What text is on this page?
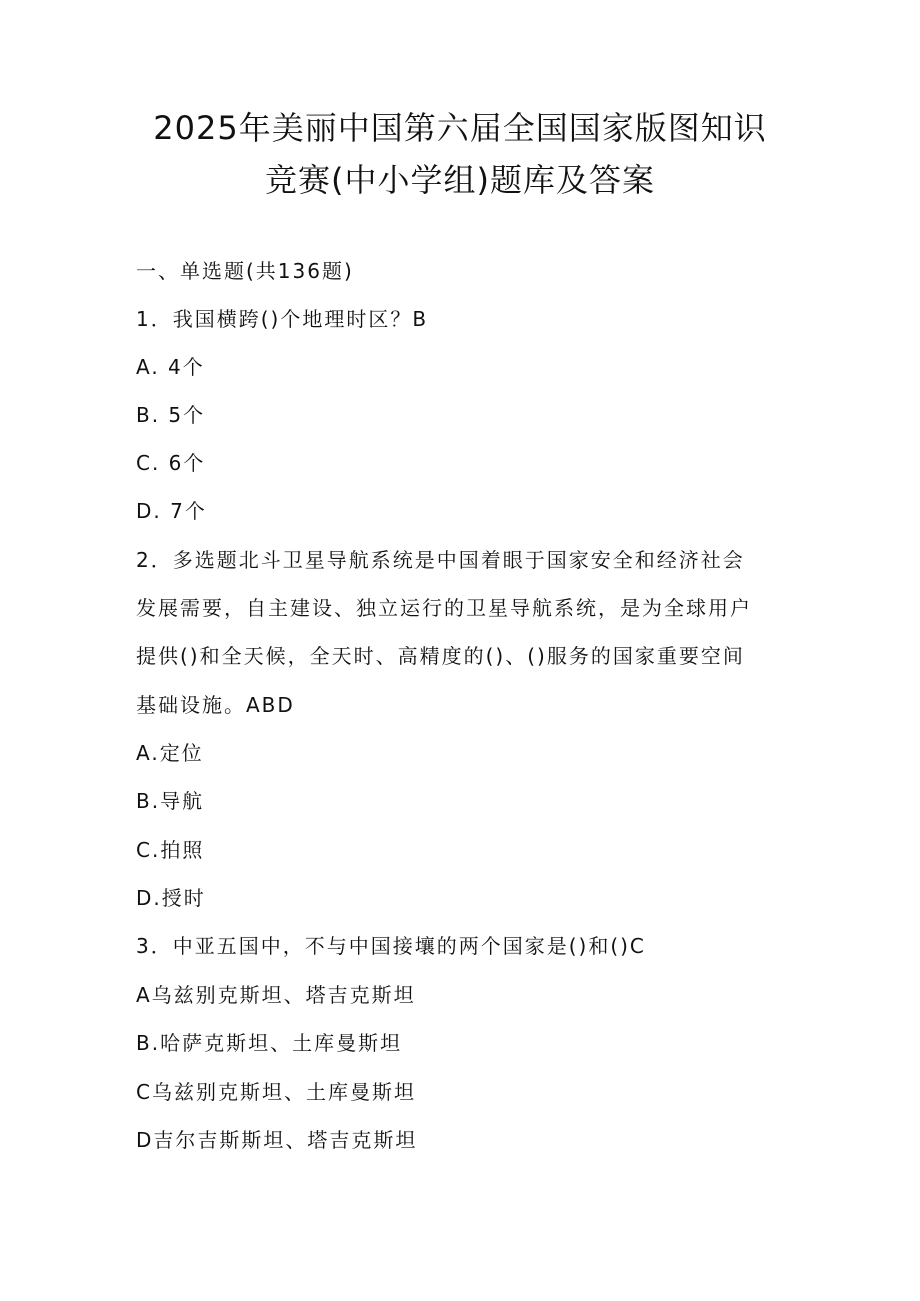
2025年美丽中国第六届全国国家版图知识
竞赛(中小学组)题库及答案
一、单选题(共136题)
1．我国横跨()个地理时区？B
A. 4个
B. 5个
C. 6个
D. 7个
2．多选题北斗卫星导航系统是中国着眼于国家安全和经济社会
发展需要，自主建设、独立运行的卫星导航系统，是为全球用户
提供()和全天候，全天时、高精度的()、()服务的国家重要空间
基础设施。ABD
A.定位
B.导航
C.拍照
D.授时
3．中亚五国中，不与中国接壤的两个国家是()和()C
A乌兹别克斯坦、塔吉克斯坦
B.哈萨克斯坦、土库曼斯坦
C乌兹别克斯坦、土库曼斯坦
D吉尔吉斯斯坦、塔吉克斯坦
